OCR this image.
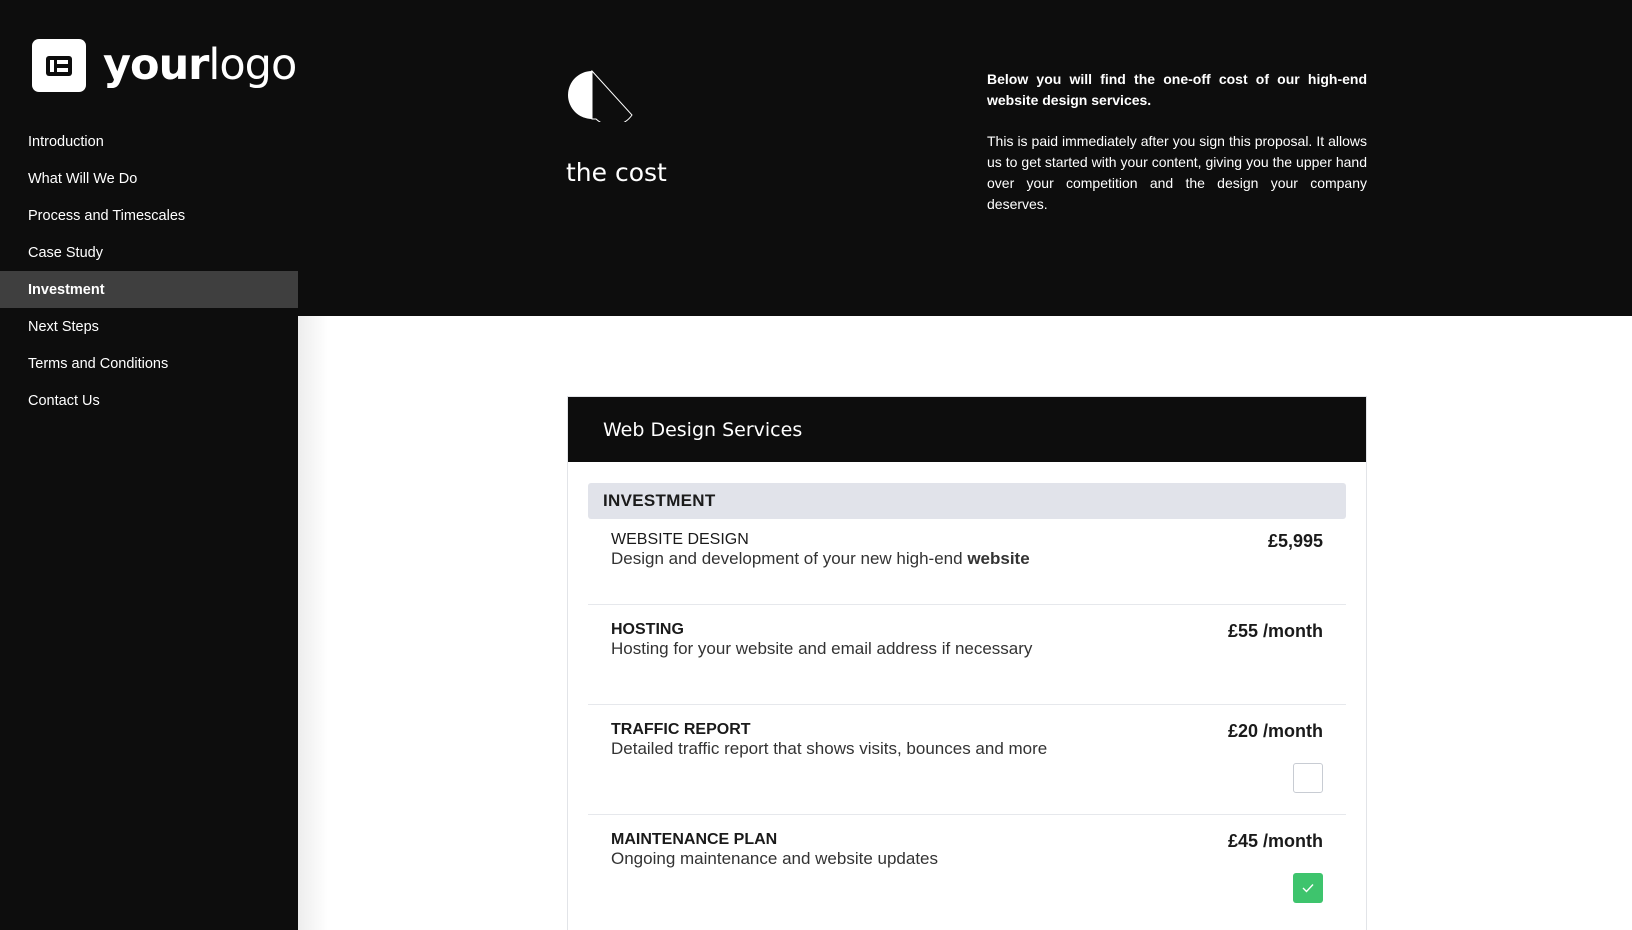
yourlogo
Introduction
What Will We Do
Process and Timescales
Case Study
Investment
Next Steps
Terms and Conditions
Contact Us
the cost

Below you will find the one-off cost of our high-end website design services.

This is paid immediately after you sign this proposal. It allows us to get started with your content, giving you the upper hand over your competition and the design your company deserves.

Web Design Services
INVESTMENT
WEBSITE DESIGN
Design and development of your new high-end website
£5,995
HOSTING
Hosting for your website and email address if necessary
£55 /month
TRAFFIC REPORT
Detailed traffic report that shows visits, bounces and more
£20 /month
MAINTENANCE PLAN
Ongoing maintenance and website updates
£45 /month
